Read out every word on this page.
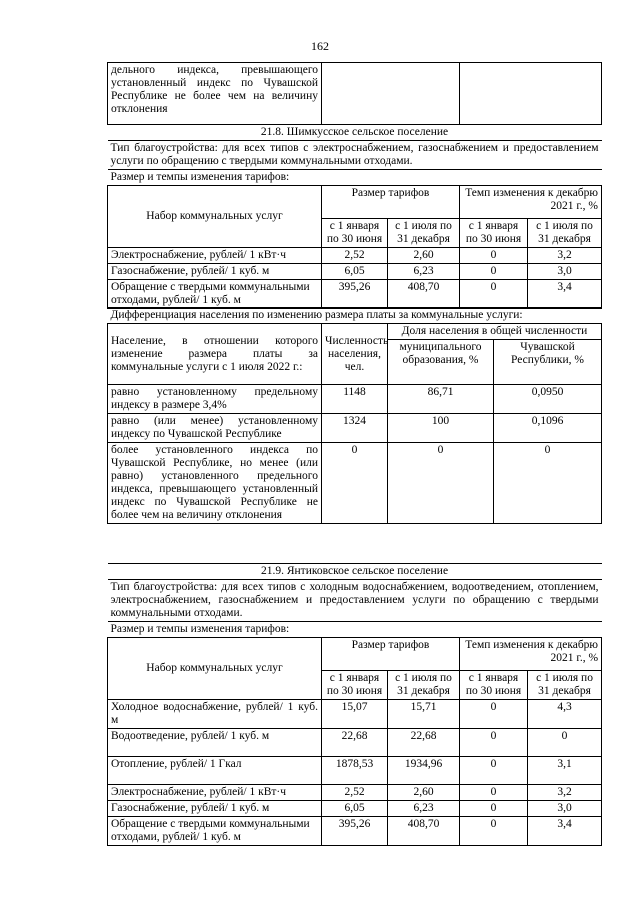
162
дельного индекса, превышающего установленный индекс по Чувашской Республике не более чем на величину отклонения				
21.8. Шимкусское сельское поселение				
Тип благоустройства: для всех типов с электроснабжением, газоснабжением и предоставлением услуги по обращению с твердыми коммунальными отходами.				
Размер и темпы изменения тарифов:				
Набор коммунальных услуг	Размер тарифов		Темп изменения к декабрю 2021 г., %	
	с 1 января по 30 июня	с 1 июля по 31 декабря	с 1 января по 30 июня	с 1 июля по 31 декабря
Электроснабжение, рублей/ 1 кВт·ч	2,52	2,60	0	3,2
Газоснабжение, рублей/ 1 куб. м	6,05	6,23	0	3,0
Обращение с твердыми коммунальными отходами, рублей/ 1 куб. м	395,26	408,70	0	3,4
Дифференциация населения по изменению размера платы за коммунальные услуги:			
Население, в отношении которого изменение размера платы за коммунальные услуги с 1 июля 2022 г.:	Численность населения, чел.	Доля населения в общей численности	
		муниципального образования, %	Чувашской Республики, %
равно установленному предельному индексу в размере 3,4%	1148	86,71	0,0950
равно (или менее) установленному индексу по Чувашской Республике	1324	100	0,1096
более установленного индекса по Чувашской Республике, но менее (или равно) установленного предельного индекса, превышающего установленный индекс по Чувашской Республике не более чем на величину отклонения	0	0	0
21.9. Янтиковское сельское поселение				
Тип благоустройства: для всех типов с холодным водоснабжением, водоотведением, отоплением, электроснабжением, газоснабжением и предоставлением услуги по обращению с твердыми коммунальными отходами.				
Размер и темпы изменения тарифов:				
Набор коммунальных услуг	Размер тарифов		Темп изменения к декабрю 2021 г., %	
	с 1 января по 30 июня	с 1 июля по 31 декабря	с 1 января по 30 июня	с 1 июля по 31 декабря
Холодное водоснабжение, рублей/ 1 куб. м	15,07	15,71	0	4,3
Водоотведение, рублей/ 1 куб. м	22,68	22,68	0	0
Отопление, рублей/ 1 Гкал	1878,53	1934,96	0	3,1
Электроснабжение, рублей/ 1 кВт·ч	2,52	2,60	0	3,2
Газоснабжение, рублей/ 1 куб. м	6,05	6,23	0	3,0
Обращение с твердыми коммунальными отходами, рублей/ 1 куб. м	395,26	408,70	0	3,4
